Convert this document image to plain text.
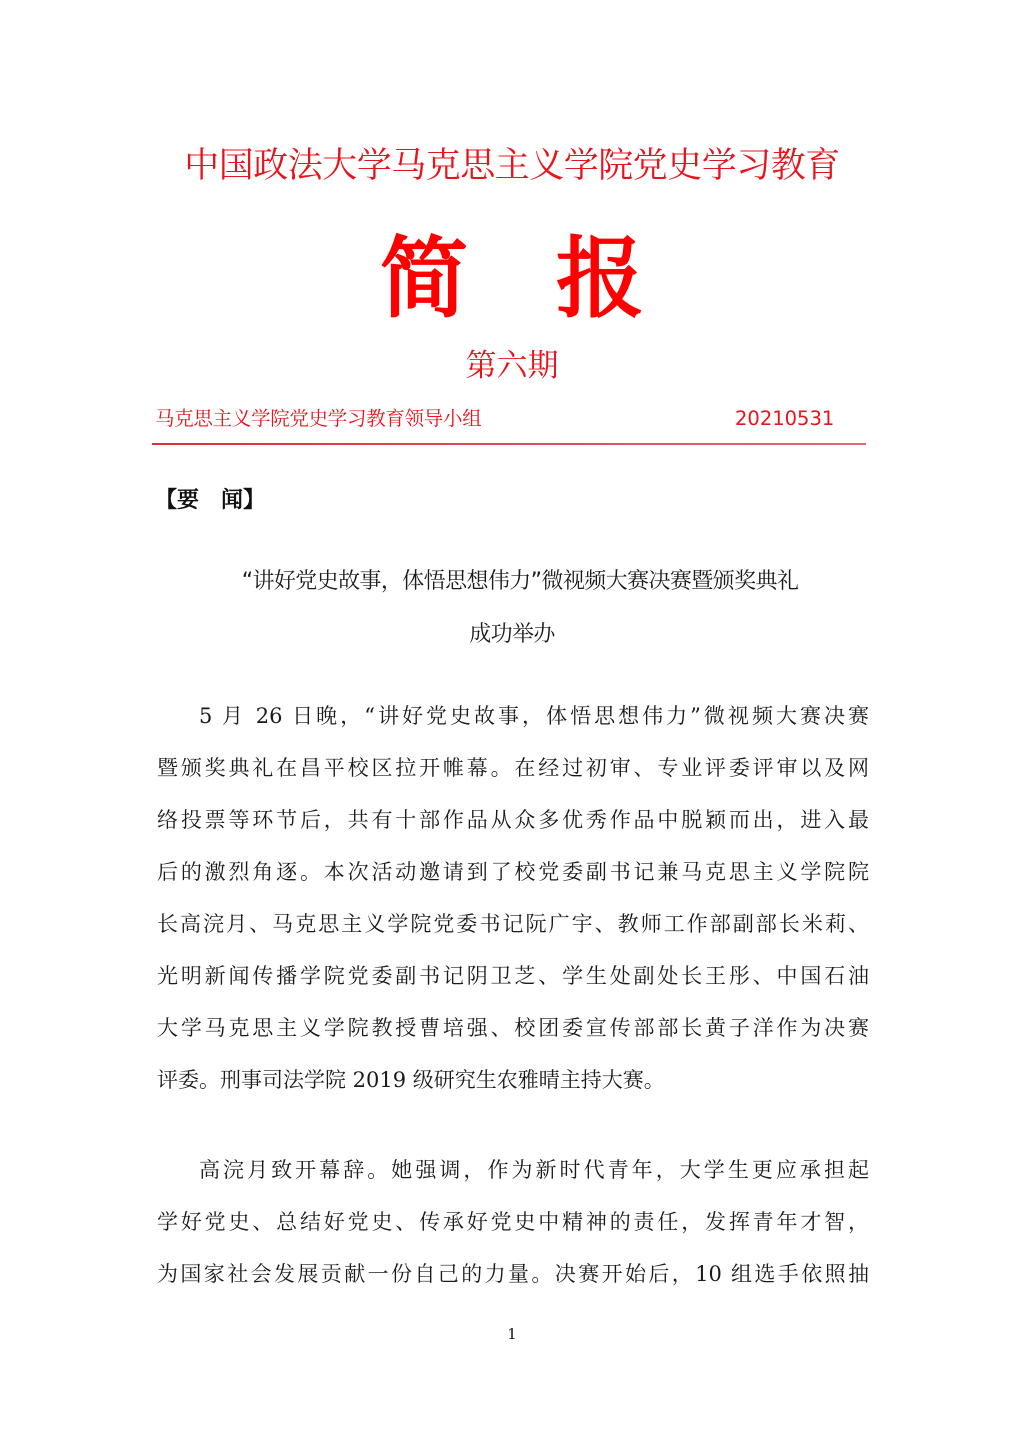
中国政法大学马克思主义学院党史学习教育
简 报
第六期
马克思主义学院党史学习教育领导小组	20210531
【要　闻】
“讲好党史故事，体悟思想伟力”微视频大赛决赛暨颁奖典礼
成功举办
5 月 26 日晚，“讲好党史故事，体悟思想伟力”微视频大赛决赛
暨颁奖典礼在昌平校区拉开帷幕。在经过初审、专业评委评审以及网
络投票等环节后，共有十部作品从众多优秀作品中脱颖而出，进入最
后的激烈角逐。本次活动邀请到了校党委副书记兼马克思主义学院院
长高浣月、马克思主义学院党委书记阮广宇、教师工作部副部长米莉、
光明新闻传播学院党委副书记阴卫芝、学生处副处长王彤、中国石油
大学马克思主义学院教授曹培强、校团委宣传部部长黄子洋作为决赛
评委。刑事司法学院 2019 级研究生农雅晴主持大赛。
高浣月致开幕辞。她强调，作为新时代青年，大学生更应承担起
学好党史、总结好党史、传承好党史中精神的责任，发挥青年才智，
为国家社会发展贡献一份自己的力量。决赛开始后，10 组选手依照抽
1
